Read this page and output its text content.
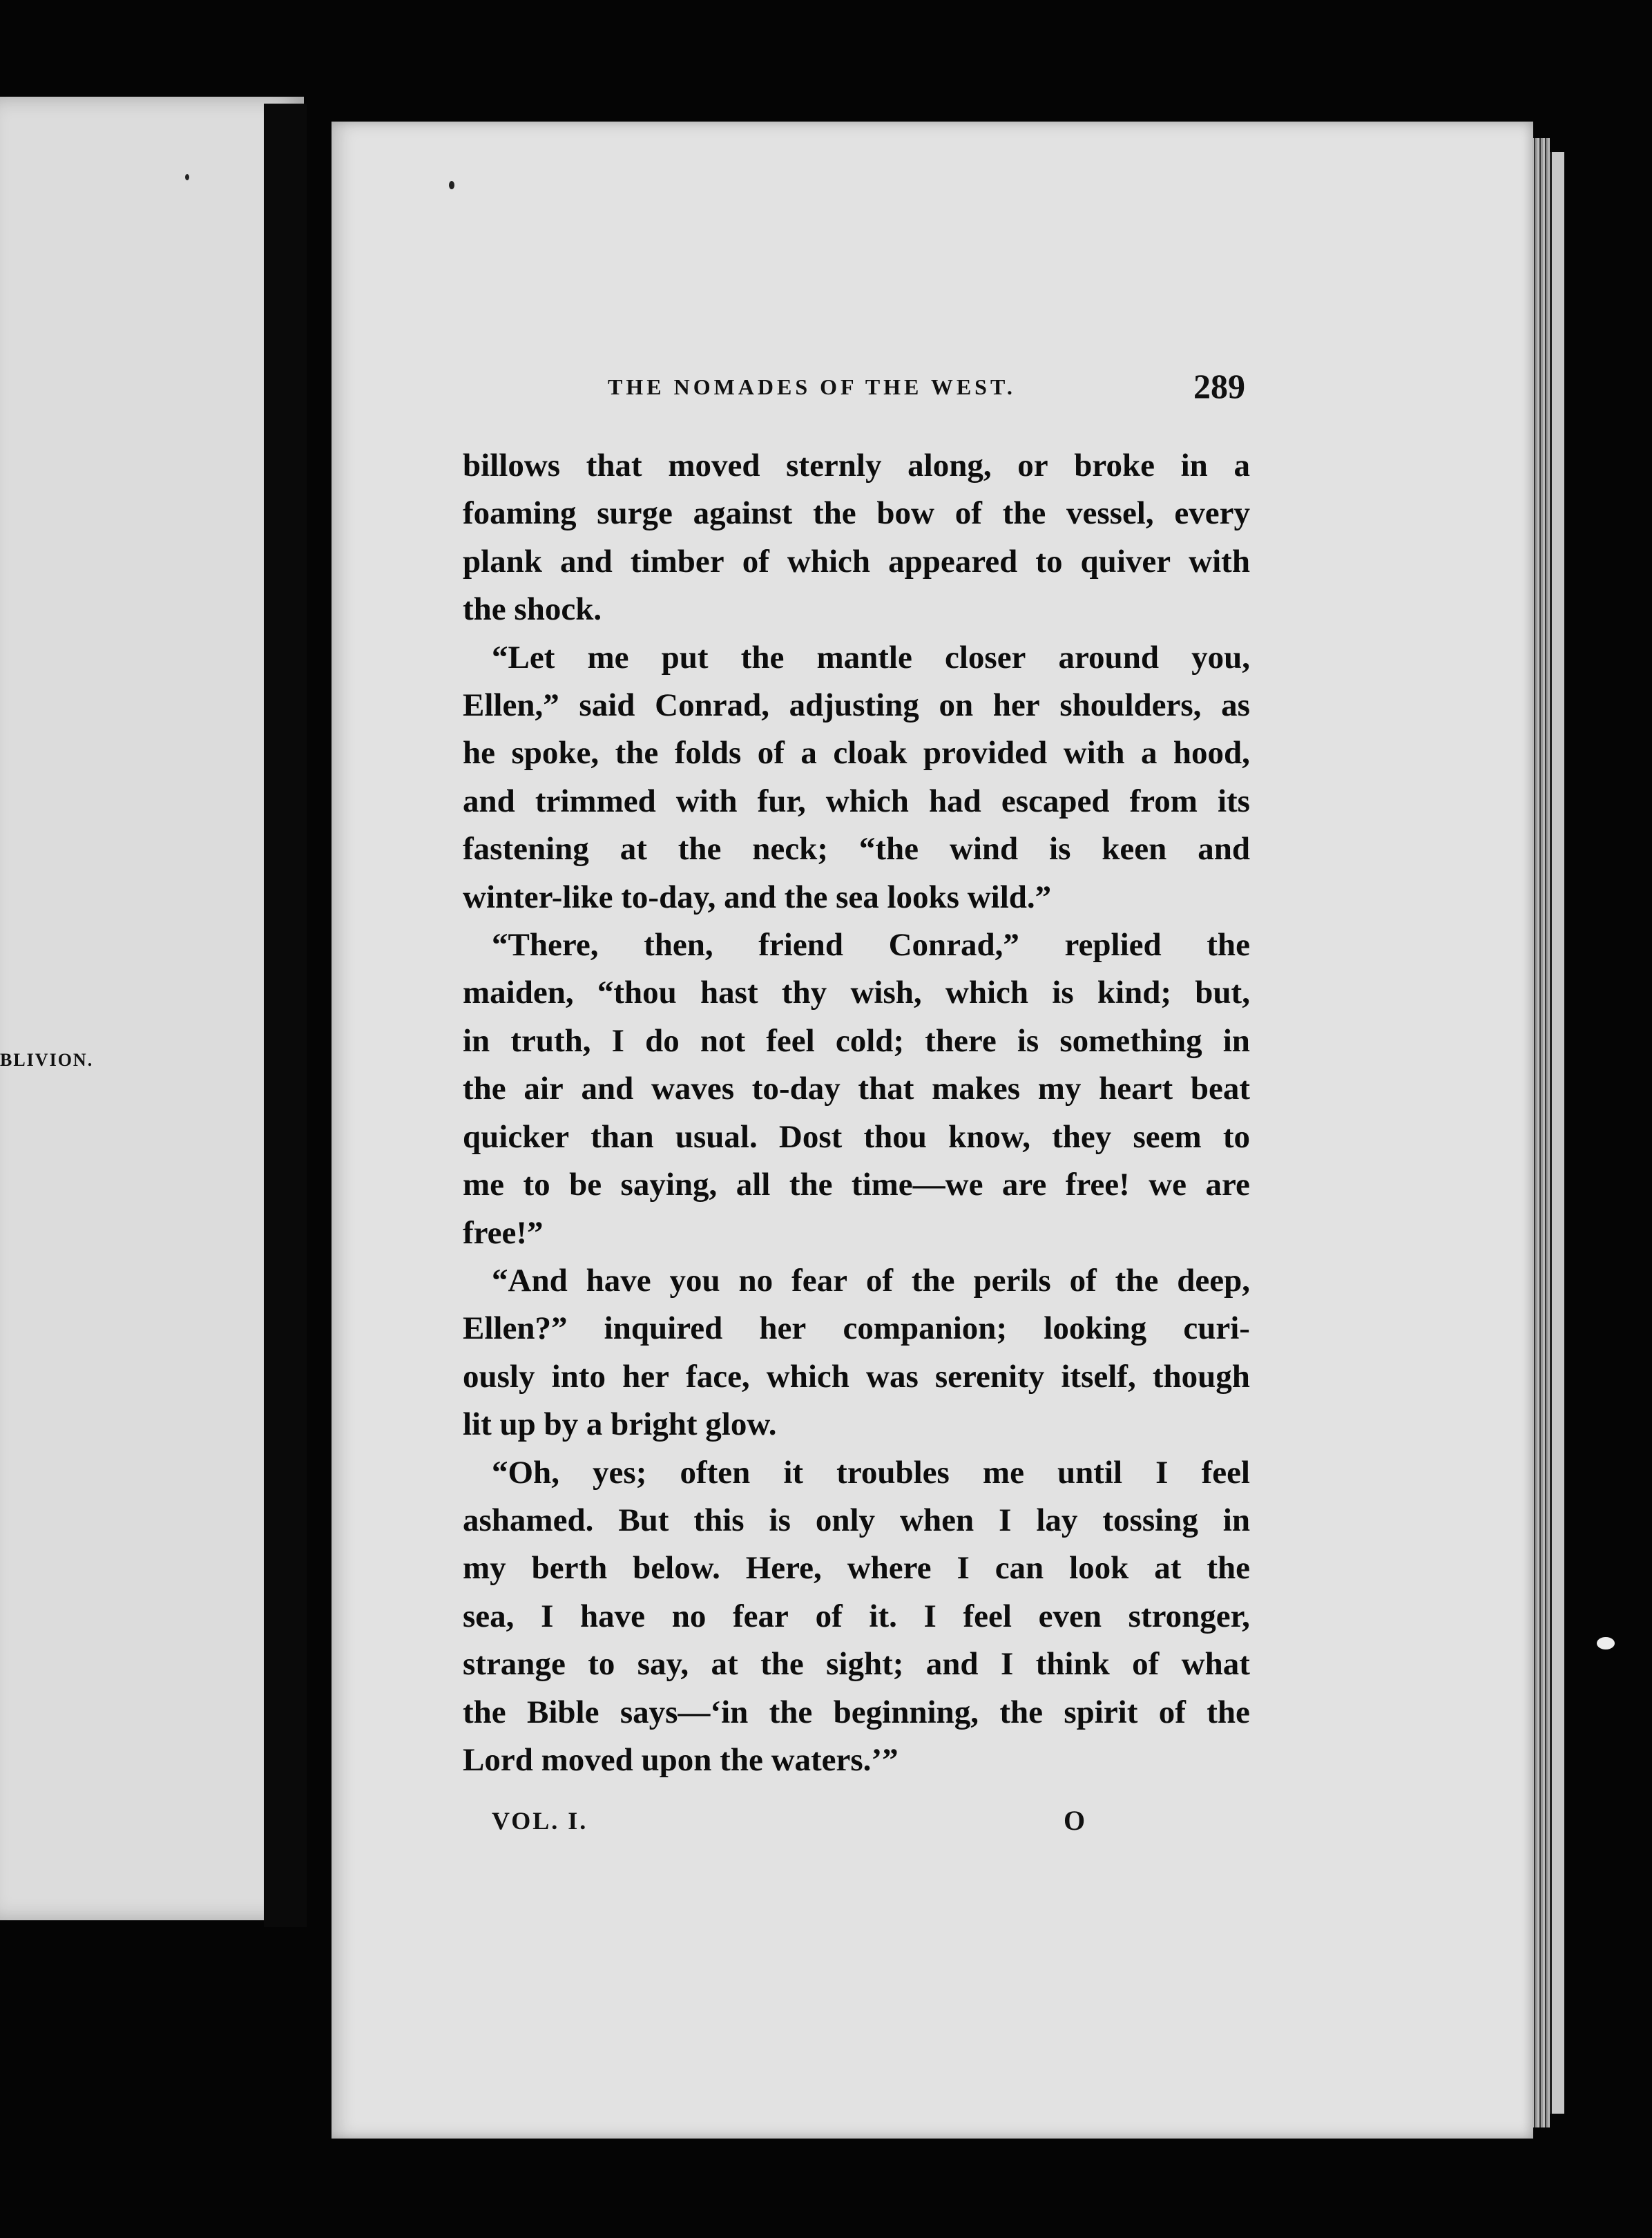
BLIVION.
THE NOMADES OF THE WEST.	289
billows that moved sternly along, or broke in a
foaming surge against the bow of the vessel, every
plank and timber of which appeared to quiver with
the shock.
“Let me put the mantle closer around you,
Ellen,” said Conrad, adjusting on her shoulders, as
he spoke, the folds of a cloak provided with a hood,
and trimmed with fur, which had escaped from its
fastening at the neck; “the wind is keen and
winter-like to-day, and the sea looks wild.”
“There, then, friend Conrad,” replied the
maiden, “thou hast thy wish, which is kind; but,
in truth, I do not feel cold; there is something in
the air and waves to-day that makes my heart beat
quicker than usual. Dost thou know, they seem to
me to be saying, all the time—we are free! we are
free!”
“And have you no fear of the perils of the deep,
Ellen?” inquired her companion; looking curi-
ously into her face, which was serenity itself, though
lit up by a bright glow.
“Oh, yes; often it troubles me until I feel
ashamed. But this is only when I lay tossing in
my berth below. Here, where I can look at the
sea, I have no fear of it. I feel even stronger,
strange to say, at the sight; and I think of what
the Bible says—‘in the beginning, the spirit of the
Lord moved upon the waters.’”
VOL. I.	O
